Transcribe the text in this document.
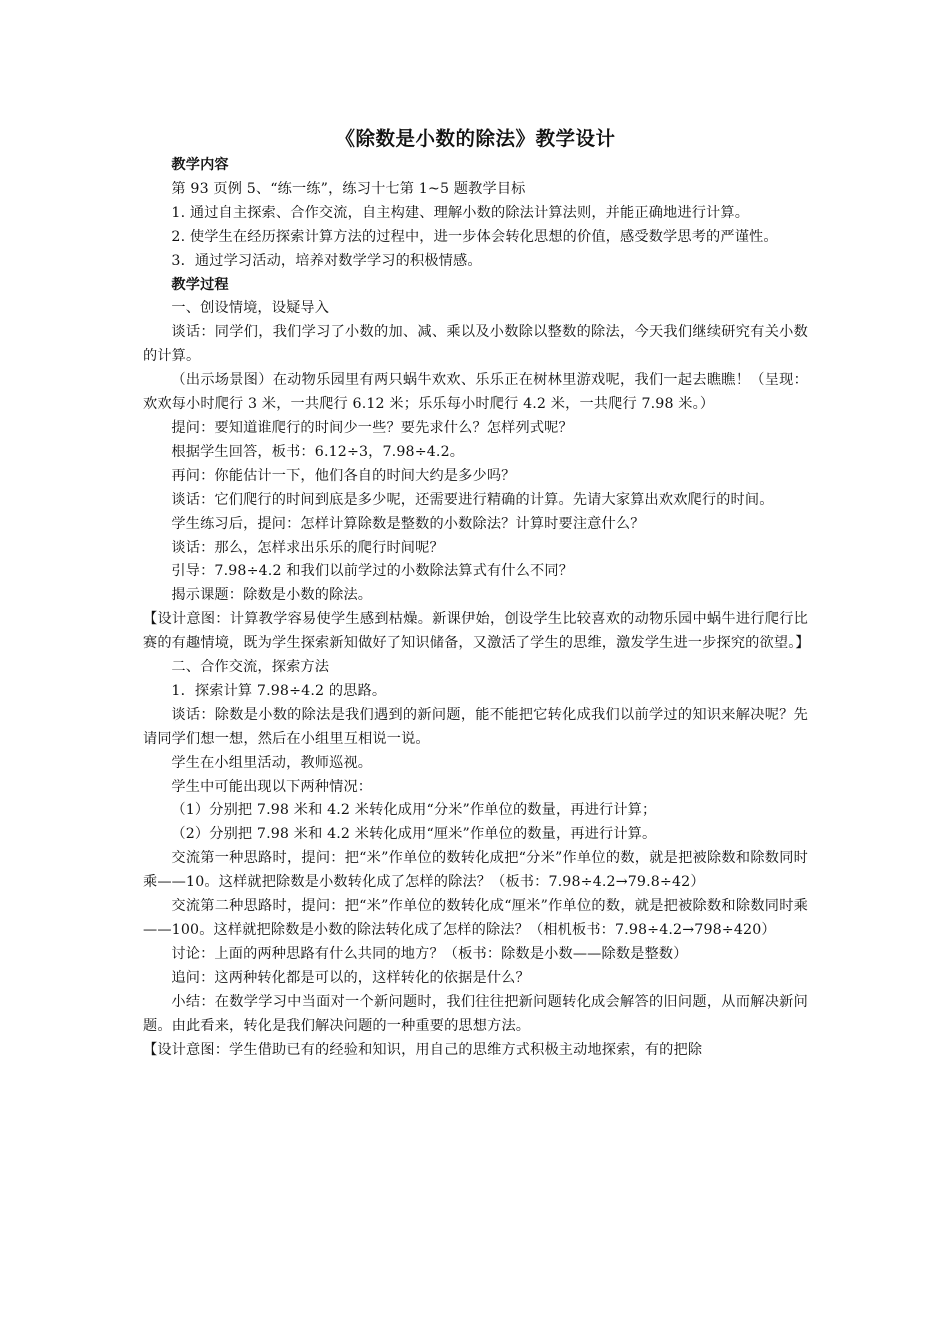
《除数是小数的除法》教学设计

教学内容

第 93 页例 5、“练一练”，练习十七第 1~5 题教学目标

1. 通过自主探索、合作交流，自主构建、理解小数的除法计算法则，并能正确地进行计算。

2. 使学生在经历探索计算方法的过程中，进一步体会转化思想的价值，感受数学思考的严谨性。

3．通过学习活动，培养对数学学习的积极情感。

教学过程

一、创设情境，设疑导入

谈话：同学们，我们学习了小数的加、减、乘以及小数除以整数的除法，今天我们继续研究有关小数的计算。

（出示场景图）在动物乐园里有两只蜗牛欢欢、乐乐正在树林里游戏呢，我们一起去瞧瞧！（呈现：欢欢每小时爬行 3 米，一共爬行 6.12 米；乐乐每小时爬行 4.2 米，一共爬行 7.98 米。）

提问：要知道谁爬行的时间少一些？要先求什么？怎样列式呢？

根据学生回答，板书：6.12÷3，7.98÷4.2。

再问：你能估计一下，他们各自的时间大约是多少吗？

谈话：它们爬行的时间到底是多少呢，还需要进行精确的计算。先请大家算出欢欢爬行的时间。

学生练习后，提问：怎样计算除数是整数的小数除法？计算时要注意什么？

谈话：那么，怎样求出乐乐的爬行时间呢？

引导：7.98÷4.2 和我们以前学过的小数除法算式有什么不同？

揭示课题：除数是小数的除法。

【设计意图：计算教学容易使学生感到枯燥。新课伊始，创设学生比较喜欢的动物乐园中蜗牛进行爬行比赛的有趣情境，既为学生探索新知做好了知识储备，又激活了学生的思维，激发学生进一步探究的欲望。】

二、合作交流，探索方法

1．探索计算 7.98÷4.2 的思路。

谈话：除数是小数的除法是我们遇到的新问题，能不能把它转化成我们以前学过的知识来解决呢？先请同学们想一想，然后在小组里互相说一说。

学生在小组里活动，教师巡视。

学生中可能出现以下两种情况：

（1）分别把 7.98 米和 4.2 米转化成用“分米”作单位的数量，再进行计算；

（2）分别把 7.98 米和 4.2 米转化成用“厘米”作单位的数量，再进行计算。

交流第一种思路时，提问：把“米”作单位的数转化成把“分米”作单位的数，就是把被除数和除数同时乘——10。这样就把除数是小数转化成了怎样的除法？（板书：7.98÷4.2→79.8÷42）

交流第二种思路时，提问：把“米”作单位的数转化成“厘米”作单位的数，就是把被除数和除数同时乘——100。这样就把除数是小数的除法转化成了怎样的除法？（相机板书：7.98÷4.2→798÷420）

讨论：上面的两种思路有什么共同的地方？（板书：除数是小数——除数是整数）

追问：这两种转化都是可以的，这样转化的依据是什么？

小结：在数学学习中当面对一个新问题时，我们往往把新问题转化成会解答的旧问题，从而解决新问题。由此看来，转化是我们解决问题的一种重要的思想方法。

【设计意图：学生借助已有的经验和知识，用自己的思维方式积极主动地探索，有的把除
